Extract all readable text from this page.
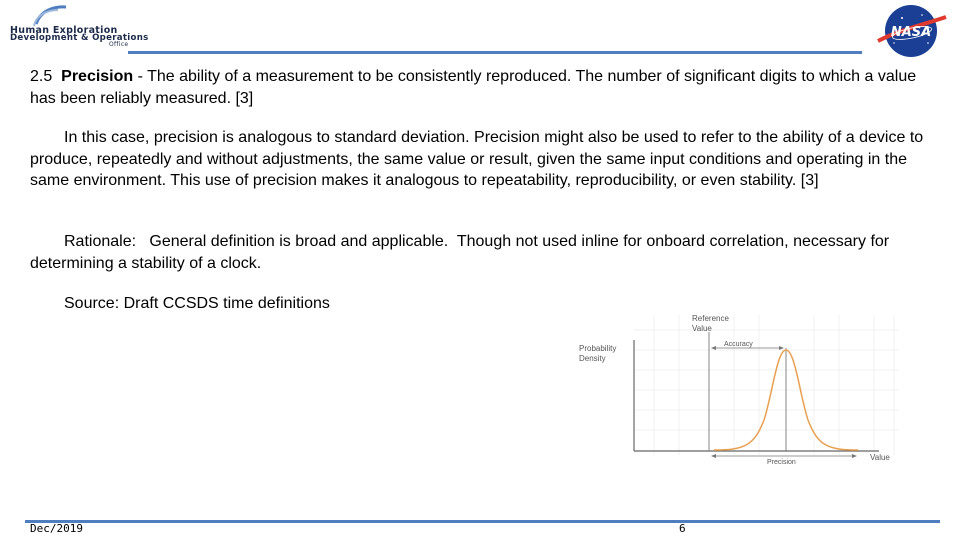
Human Exploration
Development & Operations
Office
NASA
2.5 Precision - The ability of a measurement to be consistently reproduced. The number of significant digits to which a value has been reliably measured. [3]
In this case, precision is analogous to standard deviation. Precision might also be used to refer to the ability of a device to produce, repeatedly and without adjustments, the same value or result, given the same input conditions and operating in the same environment. This use of precision makes it analogous to repeatability, reproducibility, or even stability. [3]
Rationale:   General definition is broad and applicable.  Though not used inline for onboard correlation, necessary for determining a stability of a clock.
Source: Draft CCSDS time definitions
Reference
Value
Probability
Density
Accuracy
Precision
Value
Dec/2019	6
